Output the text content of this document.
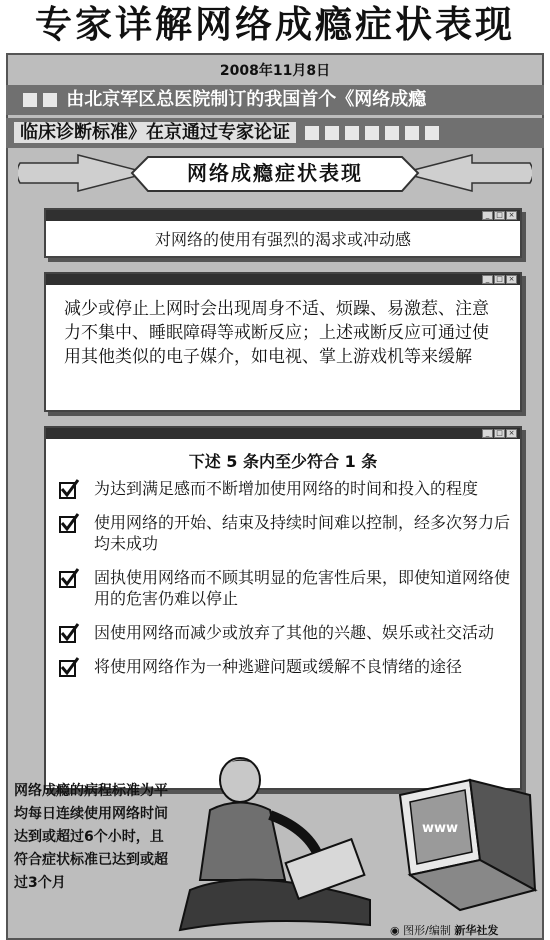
专家详解网络成瘾症状表现
2008年11月8日
由北京军区总医院制订的我国首个《网络成瘾
临床诊断标准》在京通过专家论证
网络成瘾症状表现
_ □ ×
对网络的使用有强烈的渴求或冲动感
_ □ ×
减少或停止上网时会出现周身不适、烦躁、易激惹、注意力不集中、睡眠障碍等戒断反应；上述戒断反应可通过使用其他类似的电子媒介，如电视、掌上游戏机等来缓解
_ □ ×
下述 5 条内至少符合 1 条
为达到满足感而不断增加使用网络的时间和投入的程度
使用网络的开始、结束及持续时间难以控制，经多次努力后均未成功
固执使用网络而不顾其明显的危害性后果，即使知道网络使用的危害仍难以停止
因使用网络而减少或放弃了其他的兴趣、娱乐或社交活动
将使用网络作为一种逃避问题或缓解不良情绪的途径
www
网络成瘾的病程标准为平均每日连续使用网络时间达到或超过6个小时，且符合症状标准已达到或超过3个月
◉ 图形/编制 新华社发
